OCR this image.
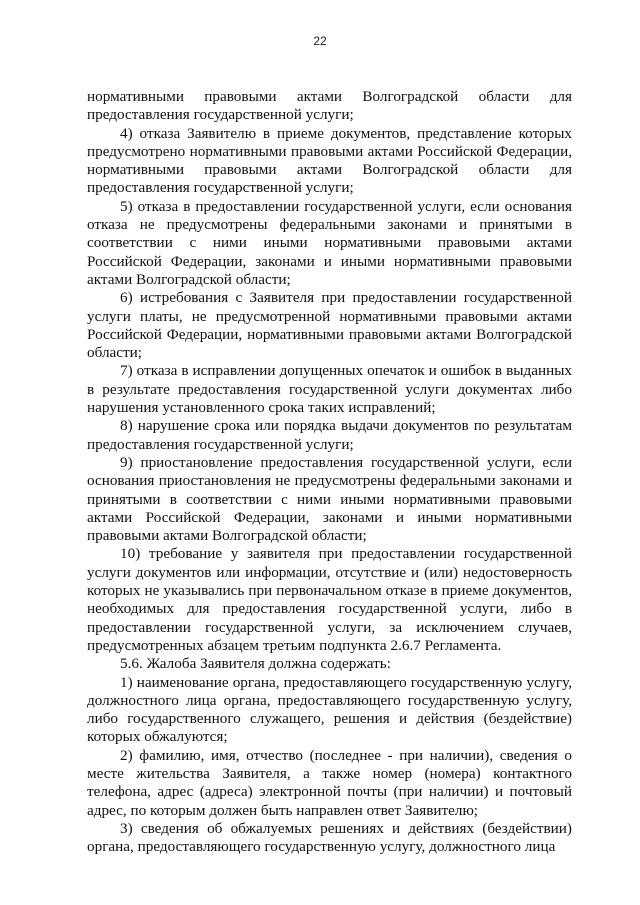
22

нормативными правовыми актами Волгоградской области для предоставления государственной услуги;

4) отказа Заявителю в приеме документов, представление которых предусмотрено нормативными правовыми актами Российской Федерации, нормативными правовыми актами Волгоградской области для предоставления государственной услуги;

5) отказа в предоставлении государственной услуги, если основания отказа не предусмотрены федеральными законами и принятыми в соответствии с ними иными нормативными правовыми актами Российской Федерации, законами и иными нормативными правовыми актами Волгоградской области;

6) истребования с Заявителя при предоставлении государственной услуги платы, не предусмотренной нормативными правовыми актами Российской Федерации, нормативными правовыми актами Волгоградской области;

7) отказа в исправлении допущенных опечаток и ошибок в выданных в результате предоставления государственной услуги документах либо нарушения установленного срока таких исправлений;

8) нарушение срока или порядка выдачи документов по результатам предоставления государственной услуги;

9) приостановление предоставления государственной услуги, если основания приостановления не предусмотрены федеральными законами и принятыми в соответствии с ними иными нормативными правовыми актами Российской Федерации, законами и иными нормативными правовыми актами Волгоградской области;

10) требование у заявителя при предоставлении государственной услуги документов или информации, отсутствие и (или) недостоверность которых не указывались при первоначальном отказе в приеме документов, необходимых для предоставления государственной услуги, либо в предоставлении государственной услуги, за исключением случаев, предусмотренных абзацем третьим подпункта 2.6.7 Регламента.

5.6. Жалоба Заявителя должна содержать:

1) наименование органа, предоставляющего государственную услугу, должностного лица органа, предоставляющего государственную услугу, либо государственного служащего, решения и действия (бездействие) которых обжалуются;

2) фамилию, имя, отчество (последнее - при наличии), сведения о месте жительства Заявителя, а также номер (номера) контактного телефона, адрес (адреса) электронной почты (при наличии) и почтовый адрес, по которым должен быть направлен ответ Заявителю;

3) сведения об обжалуемых решениях и действиях (бездействии) органа, предоставляющего государственную услугу, должностного лица
